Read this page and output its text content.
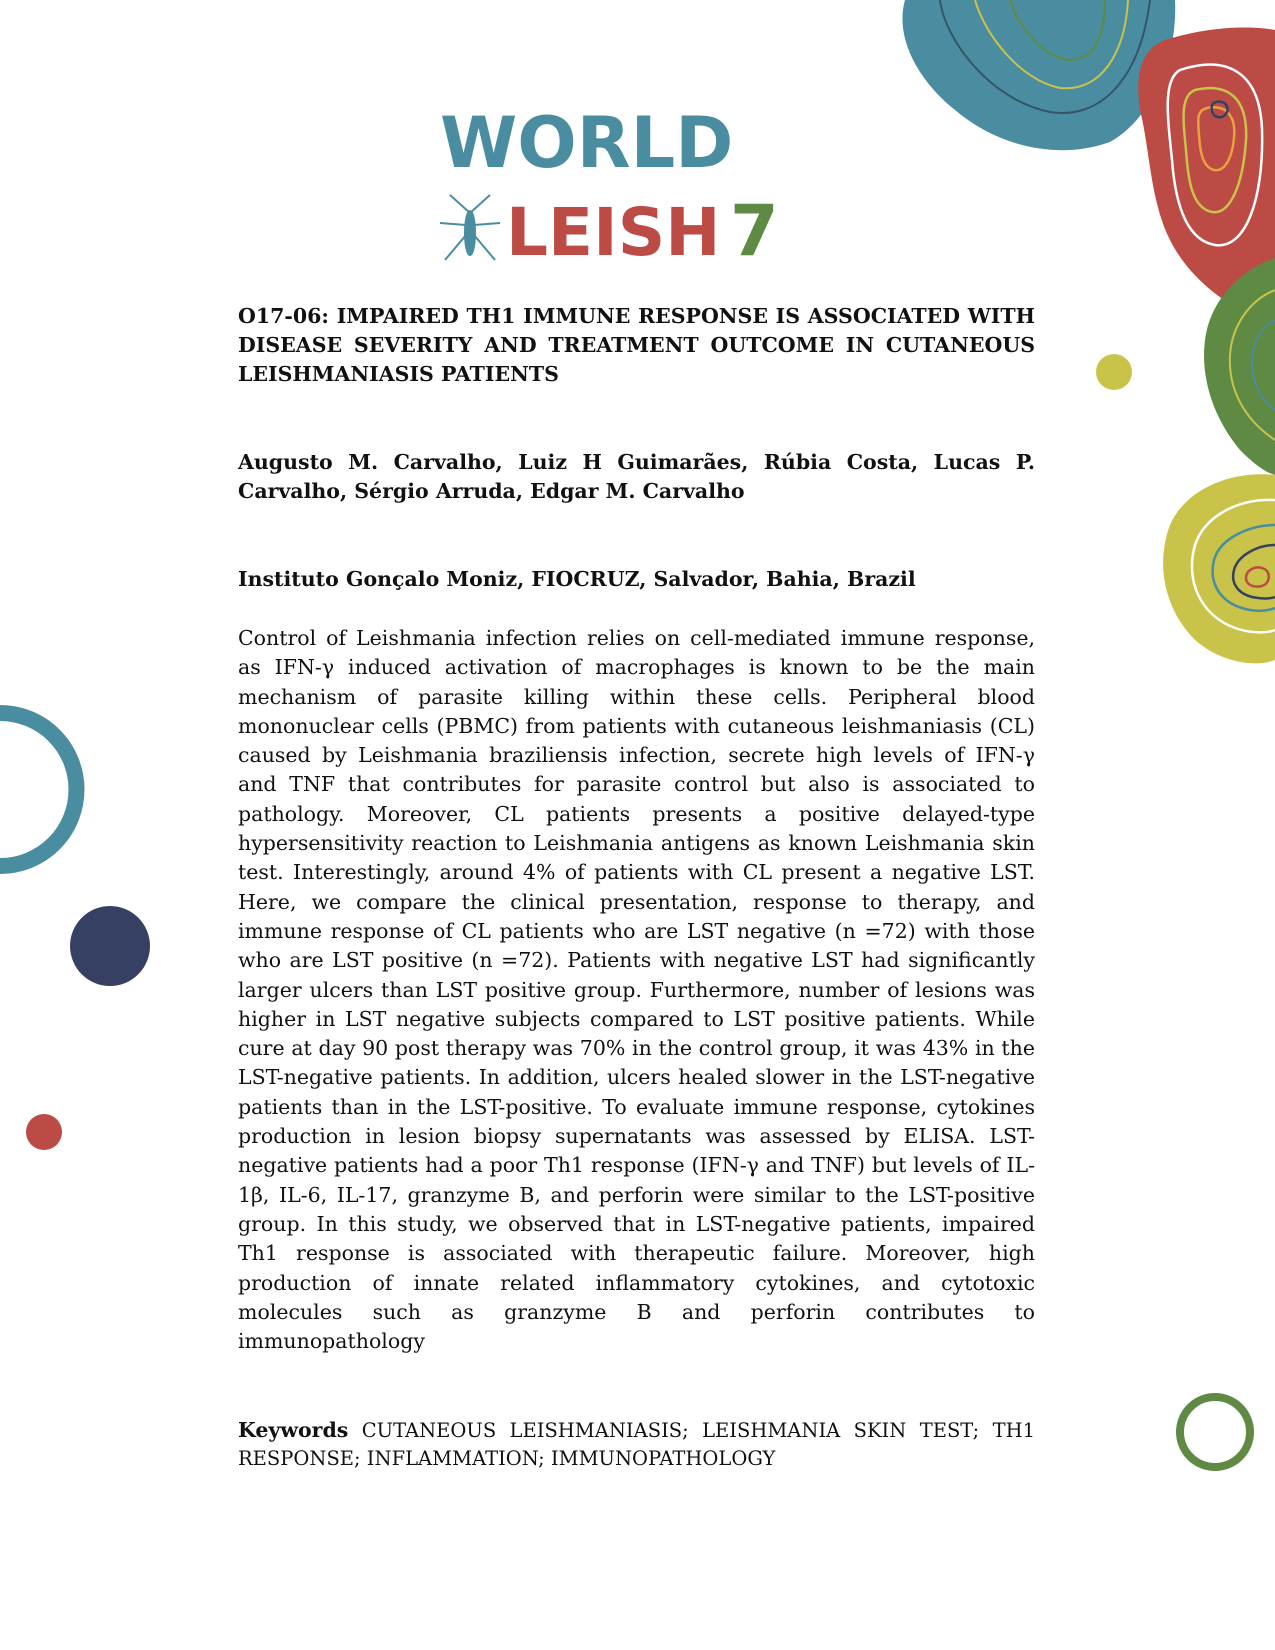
WORLD
LEISH 7

O17-06: IMPAIRED TH1 IMMUNE RESPONSE IS ASSOCIATED WITH DISEASE SEVERITY AND TREATMENT OUTCOME IN CUTANEOUS LEISHMANIASIS PATIENTS

Augusto M. Carvalho, Luiz H Guimarães, Rúbia Costa, Lucas P. Carvalho, Sérgio Arruda, Edgar M. Carvalho

Instituto Gonçalo Moniz, FIOCRUZ, Salvador, Bahia, Brazil

Control of Leishmania infection relies on cell-mediated immune response, as IFN-γ induced activation of macrophages is known to be the main mechanism of parasite killing within these cells. Peripheral blood mononuclear cells (PBMC) from patients with cutaneous leishmaniasis (CL) caused by Leishmania braziliensis infection, secrete high levels of IFN-γ and TNF that contributes for parasite control but also is associated to pathology. Moreover, CL patients presents a positive delayed-type hypersensitivity reaction to Leishmania antigens as known Leishmania skin test. Interestingly, around 4% of patients with CL present a negative LST. Here, we compare the clinical presentation, response to therapy, and immune response of CL patients who are LST negative (n =72) with those who are LST positive (n =72). Patients with negative LST had significantly larger ulcers than LST positive group. Furthermore, number of lesions was higher in LST negative subjects compared to LST positive patients. While cure at day 90 post therapy was 70% in the control group, it was 43% in the LST-negative patients. In addition, ulcers healed slower in the LST-negative patients than in the LST-positive. To evaluate immune response, cytokines production in lesion biopsy supernatants was assessed by ELISA. LST-negative patients had a poor Th1 response (IFN-γ and TNF) but levels of IL-1β, IL-6, IL-17, granzyme B, and perforin were similar to the LST-positive group. In this study, we observed that in LST-negative patients, impaired Th1 response is associated with therapeutic failure. Moreover, high production of innate related inflammatory cytokines, and cytotoxic molecules such as granzyme B and perforin contributes to immunopathology

Keywords CUTANEOUS LEISHMANIASIS; LEISHMANIA SKIN TEST; TH1 RESPONSE; INFLAMMATION; IMMUNOPATHOLOGY
